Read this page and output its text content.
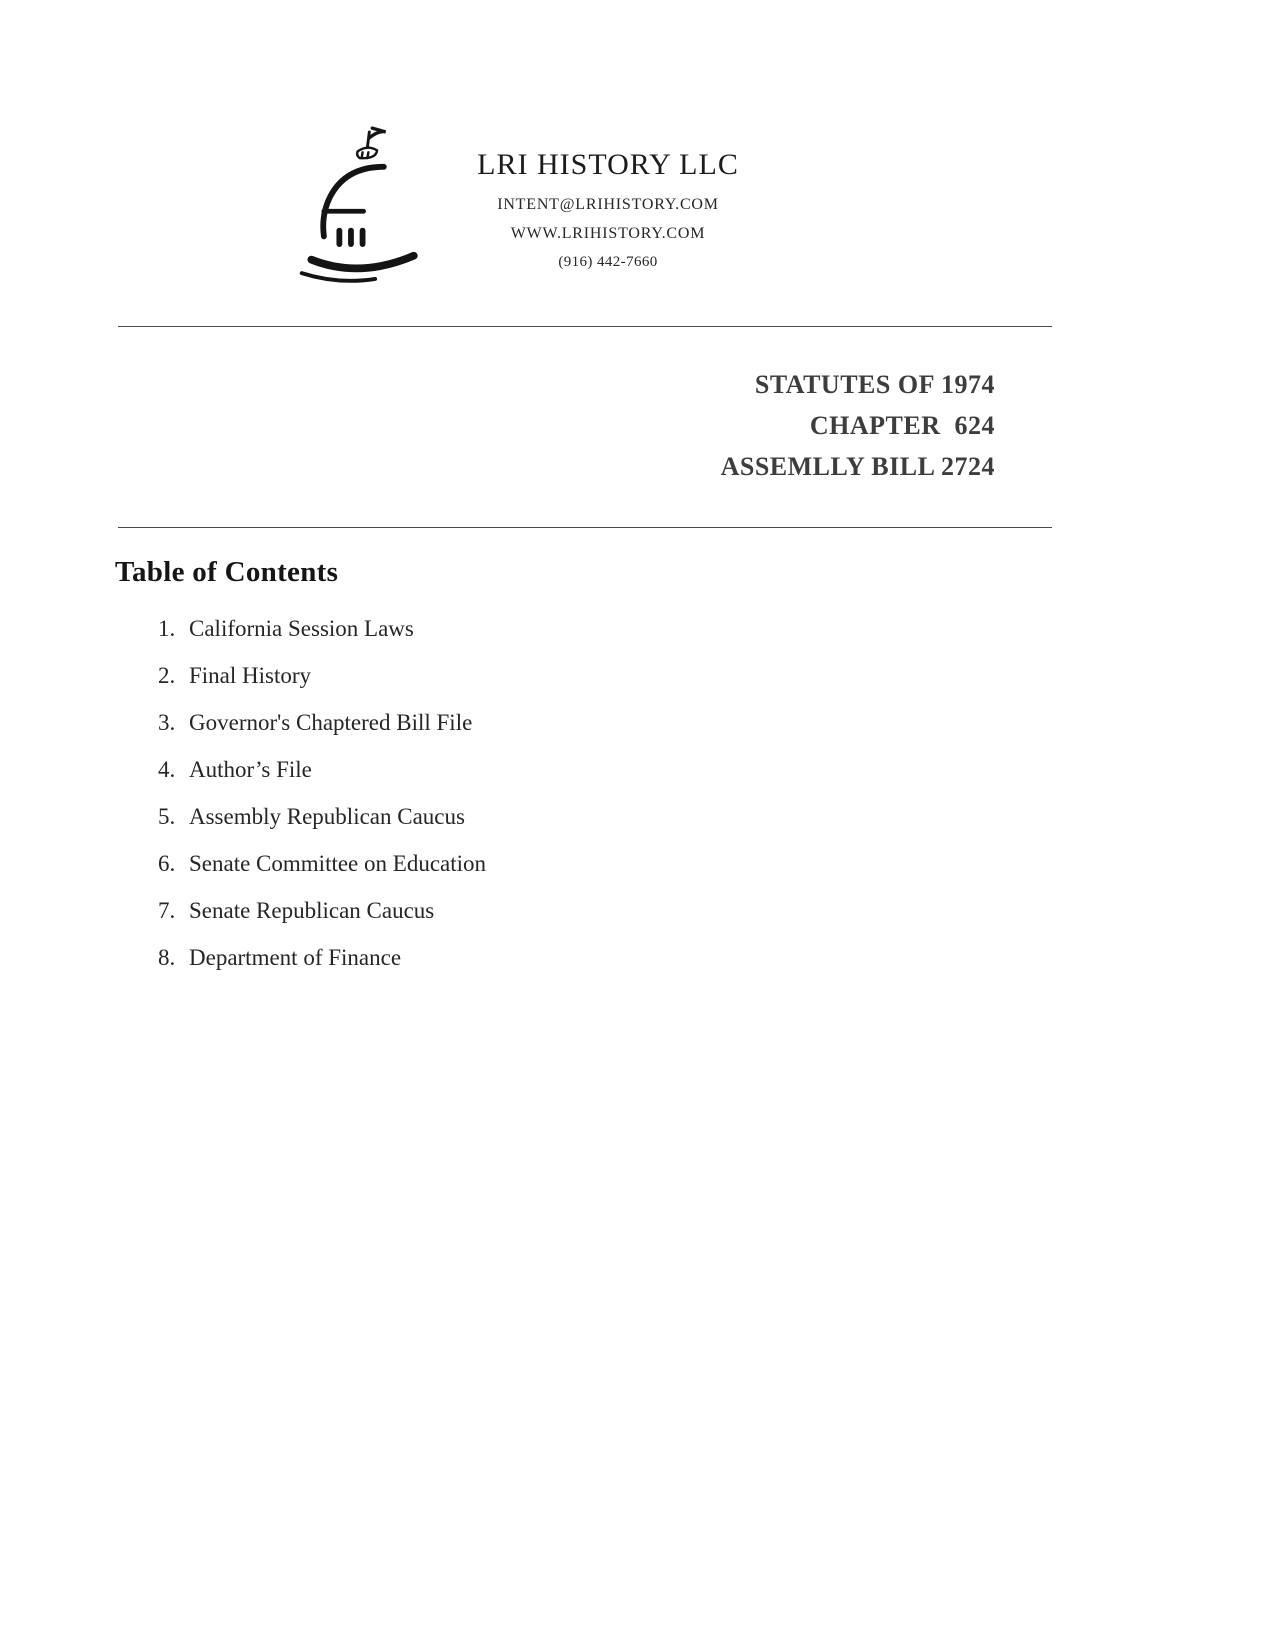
LRI HISTORY LLC
INTENT@LRIHISTORY.COM
WWW.LRIHISTORY.COM
(916) 442-7660
STATUTES OF 1974
CHAPTER  624
ASSEMLLY BILL 2724
Table of Contents
1. California Session Laws
2. Final History
3. Governor's Chaptered Bill File
4. Author’s File
5. Assembly Republican Caucus
6. Senate Committee on Education
7. Senate Republican Caucus
8. Department of Finance
